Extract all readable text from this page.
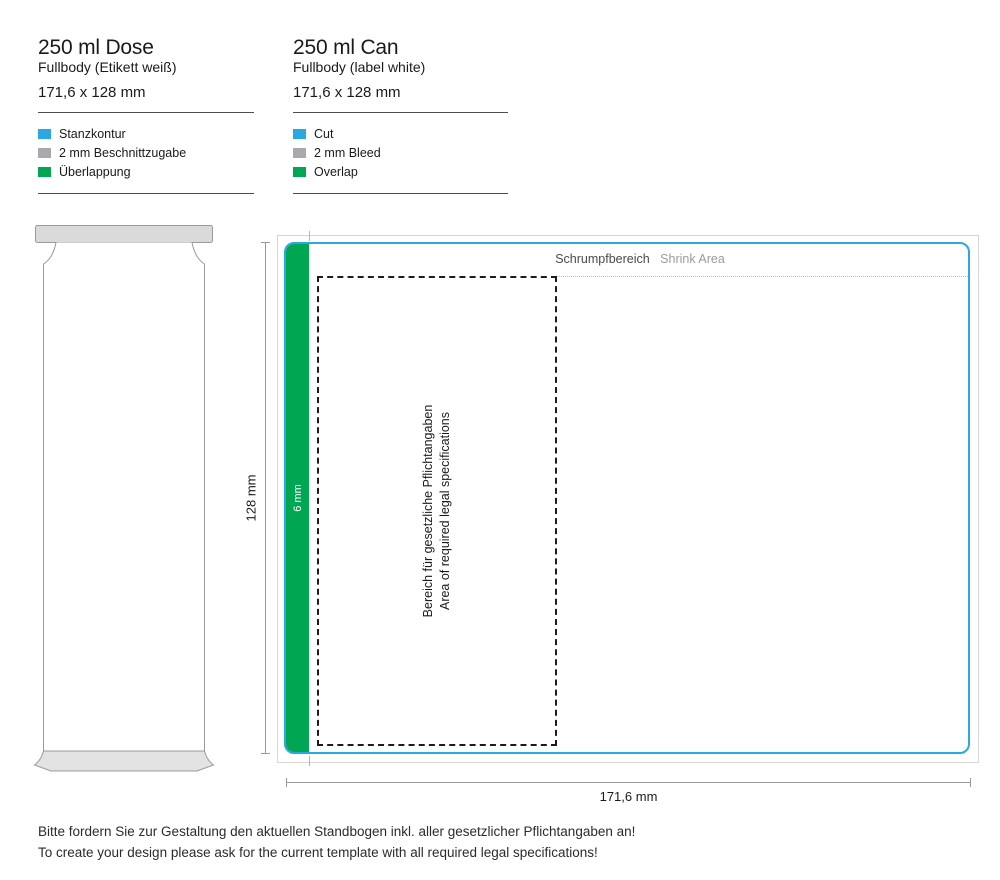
250 ml Dose
Fullbody (Etikett weiß)
171,6 x 128 mm
Stanzkontur
2 mm Beschnittzugabe
Überlappung
250 ml Can
Fullbody (label white)
171,6 x 128 mm
Cut
2 mm Bleed
Overlap
Schrumpfbereich Shrink Area
Bereich für gesetzliche Pflichtangaben Area of required legal specifications
6 mm
128 mm
171,6 mm
Bitte fordern Sie zur Gestaltung den aktuellen Standbogen inkl. aller gesetzlicher Pflichtangaben an!
To create your design please ask for the current template with all required legal specifications!
